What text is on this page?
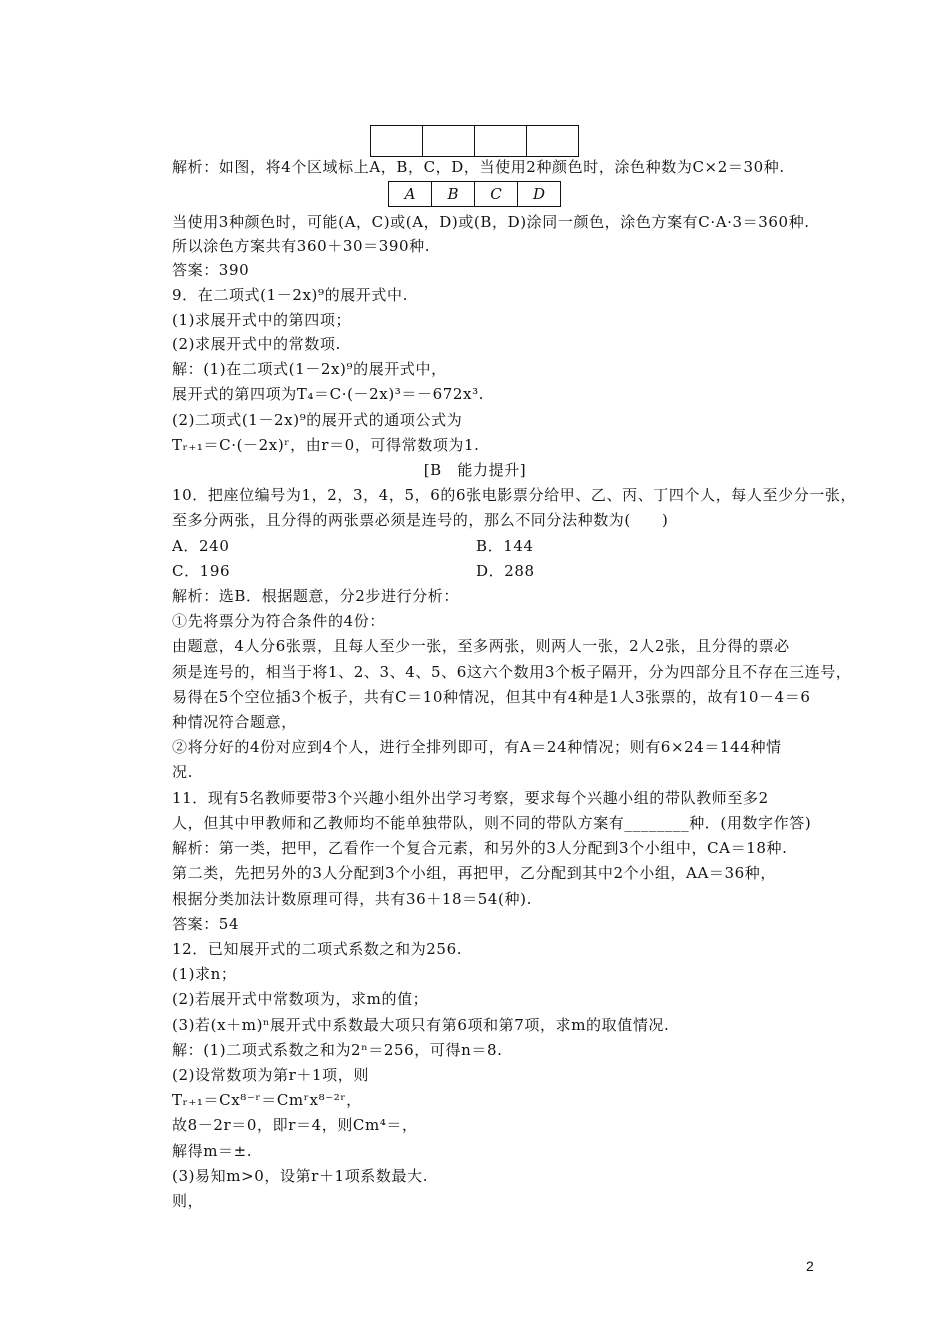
解析：如图，将4个区域标上A，B，C，D，当使用2种颜色时，涂色种数为C×2＝30种.
A	B	C	D
当使用3种颜色时，可能(A，C)或(A，D)或(B，D)涂同一颜色，涂色方案有C·A·3＝360种.
所以涂色方案共有360＋30＝390种.
答案：390
9．在二项式(1－2x)⁹的展开式中.
(1)求展开式中的第四项；
(2)求展开式中的常数项.
解：(1)在二项式(1－2x)⁹的展开式中，
展开式的第四项为T₄＝C·(－2x)³＝－672x³.
(2)二项式(1－2x)⁹的展开式的通项公式为
Tᵣ₊₁＝C·(－2x)ʳ，由r＝0，可得常数项为1.
[B　能力提升]
10．把座位编号为1，2，3，4，5，6的6张电影票分给甲、乙、丙、丁四个人，每人至少分一张，
至多分两张，且分得的两张票必须是连号的，那么不同分法种数为(　　)
A．240	B．144
C．196	D．288
解析：选B．根据题意，分2步进行分析：
①先将票分为符合条件的4份：
由题意，4人分6张票，且每人至少一张，至多两张，则两人一张，2人2张，且分得的票必
须是连号的，相当于将1、2、3、4、5、6这六个数用3个板子隔开，分为四部分且不存在三连号，
易得在5个空位插3个板子，共有C＝10种情况，但其中有4种是1人3张票的，故有10－4＝6
种情况符合题意，
②将分好的4份对应到4个人，进行全排列即可，有A＝24种情况；则有6×24＝144种情
况.
11．现有5名教师要带3个兴趣小组外出学习考察，要求每个兴趣小组的带队教师至多2
人，但其中甲教师和乙教师均不能单独带队，则不同的带队方案有________种．(用数字作答)
解析：第一类，把甲，乙看作一个复合元素，和另外的3人分配到3个小组中，CA＝18种.
第二类，先把另外的3人分配到3个小组，再把甲，乙分配到其中2个小组，AA＝36种，
根据分类加法计数原理可得，共有36＋18＝54(种).
答案：54
12．已知展开式的二项式系数之和为256.
(1)求n；
(2)若展开式中常数项为，求m的值；
(3)若(x＋m)ⁿ展开式中系数最大项只有第6项和第7项，求m的取值情况.
解：(1)二项式系数之和为2ⁿ＝256，可得n＝8.
(2)设常数项为第r＋1项，则
Tᵣ₊₁＝Cx⁸⁻ʳ＝Cmʳx⁸⁻²ʳ，
故8－2r＝0，即r＝4，则Cm⁴＝，
解得m＝±.
(3)易知m>0，设第r＋1项系数最大.
则，
2
